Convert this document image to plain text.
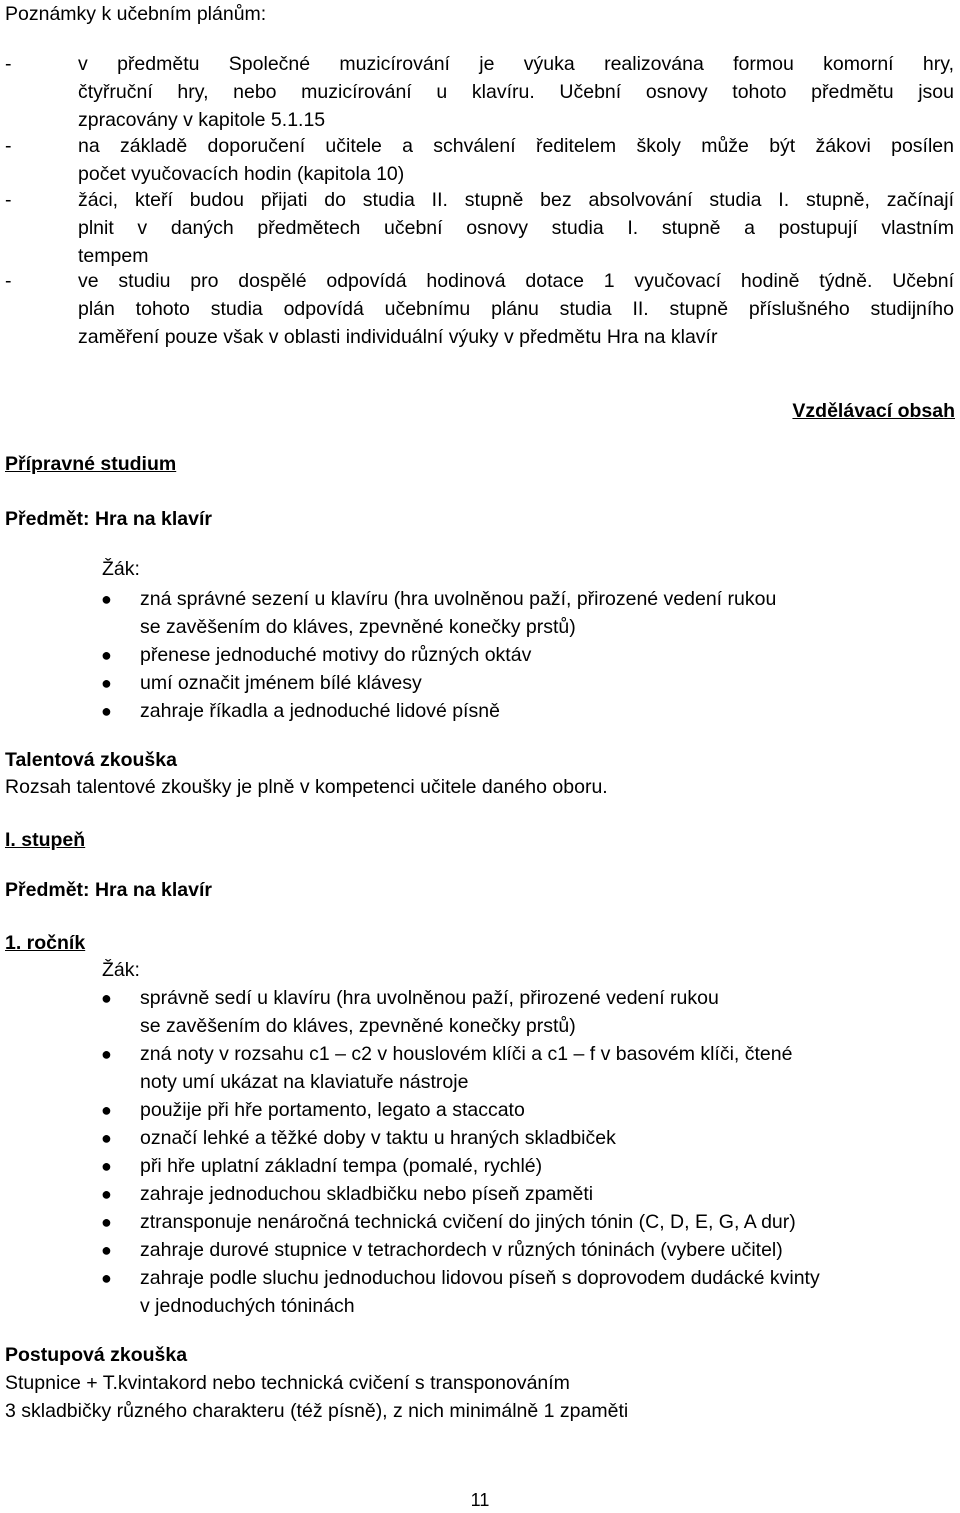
Poznámky k učebním plánům:

-	v předmětu Společné muzicírování je výuka realizována formou komorní hry,
čtyřruční hry, nebo muzicírování u klavíru. Učební osnovy tohoto předmětu jsou
zpracovány v kapitole 5.1.15
-	na základě doporučení učitele a schválení ředitelem školy může být žákovi posílen
počet vyučovacích hodin (kapitola 10)
-	žáci, kteří budou přijati do studia II. stupně bez absolvování studia I. stupně, začínají
plnit v daných předmětech učební osnovy studia I. stupně a postupují vlastním
tempem
-	ve studiu pro dospělé odpovídá hodinová dotace 1 vyučovací hodině týdně. Učební
plán tohoto studia odpovídá učebnímu plánu studia II. stupně příslušného studijního
zaměření pouze však v oblasti individuální výuky v předmětu Hra na klavír

Vzdělávací obsah

Přípravné studium

Předmět: Hra na klavír

Žák:

● zná správné sezení u klavíru (hra uvolněnou paží, přirozené vedení rukou
se zavěšením do kláves, zpevněné konečky prstů)
● přenese jednoduché motivy do různých oktáv
● umí označit jménem bílé klávesy
● zahraje říkadla a jednoduché lidové písně

Talentová zkouška

Rozsah talentové zkoušky je plně v kompetenci učitele daného oboru.

I. stupeň

Předmět: Hra na klavír

1. ročník

Žák:

● správně sedí u klavíru (hra uvolněnou paží, přirozené vedení rukou
se zavěšením do kláves, zpevněné konečky prstů)
● zná noty v rozsahu c1 – c2 v houslovém klíči a c1 – f v basovém klíči, čtené
noty umí ukázat na klaviatuře nástroje
● použije při hře portamento, legato a staccato
● označí lehké a těžké doby v taktu u hraných skladbiček
● při hře uplatní základní tempa (pomalé, rychlé)
● zahraje jednoduchou skladbičku nebo píseň zpaměti
● ztransponuje nenáročná technická cvičení do jiných tónin (C, D, E, G, A dur)
● zahraje durové stupnice v tetrachordech v různých tóninách (vybere učitel)
● zahraje podle sluchu jednoduchou lidovou píseň s doprovodem dudácké kvinty
v jednoduchých tóninách

Postupová zkouška

Stupnice + T.kvintakord nebo technická cvičení s transponováním

3 skladbičky různého charakteru (též písně), z nich minimálně 1 zpaměti

11
